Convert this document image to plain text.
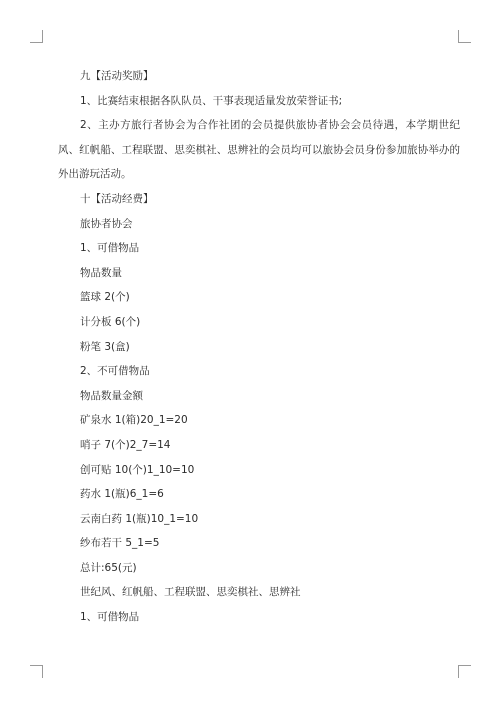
九【活动奖励】
1、比赛结束根据各队队员、干事表现适量发放荣誉证书;
2、主办方旅行者协会为合作社团的会员提供旅协者协会会员待遇，本学期世纪风、红帆船、工程联盟、思奕棋社、思辨社的会员均可以旅协会员身份参加旅协举办的外出游玩活动。
十【活动经费】
旅协者协会
1、可借物品
物品数量
篮球 2(个)
计分板 6(个)
粉笔 3(盒)
2、不可借物品
物品数量金额
矿泉水 1(箱)20_1=20
哨子 7(个)2_7=14
创可贴 10(个)1_10=10
药水 1(瓶)6_1=6
云南白药 1(瓶)10_1=10
纱布若干 5_1=5
总计:65(元)
世纪风、红帆船、工程联盟、思奕棋社、思辨社
1、可借物品
